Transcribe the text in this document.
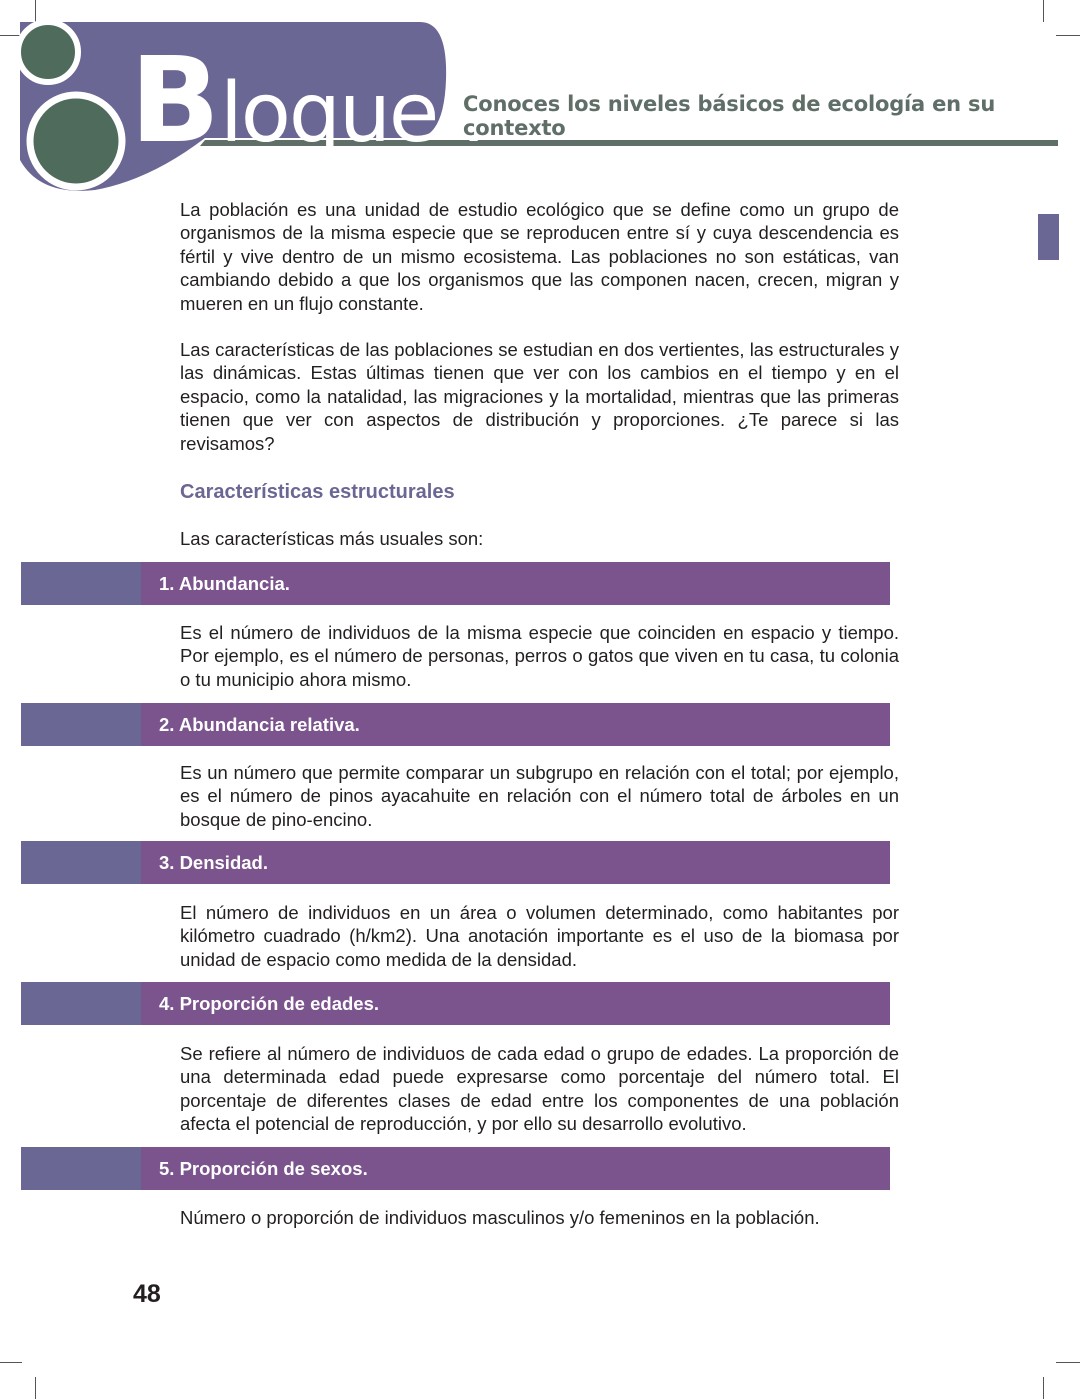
Bloque I
Conoces los niveles básicos de ecología en su contexto

La población es una unidad de estudio ecológico que se define como un grupo de organismos de la misma especie que se reproducen entre sí y cuya descendencia es fértil y vive dentro de un mismo ecosistema. Las poblaciones no son estáticas, van cambiando debido a que los organismos que las componen nacen, crecen, migran y mueren en un flujo constante.

Las características de las poblaciones se estudian en dos vertientes, las estructurales y las dinámicas. Estas últimas tienen que ver con los cambios en el tiempo y en el espacio, como la natalidad, las migraciones y la mortalidad, mientras que las primeras tienen que ver con aspectos de distribución y proporciones. ¿Te parece si las revisamos?

Características estructurales

Las características más usuales son:

1. Abundancia.

Es el número de individuos de la misma especie que coinciden en espacio y tiempo. Por ejemplo, es el número de personas, perros o gatos que viven en tu casa, tu colonia o tu municipio ahora mismo.

2. Abundancia relativa.

Es un número que permite comparar un subgrupo en relación con el total; por ejemplo, es el número de pinos ayacahuite en relación con el número total de árboles en un bosque de pino-encino.

3. Densidad.

El número de individuos en un área o volumen determinado, como habitantes por kilómetro cuadrado (h/km2). Una anotación importante es el uso de la biomasa por unidad de espacio como medida de la densidad.

4. Proporción de edades.

Se refiere al número de individuos de cada edad o grupo de edades. La proporción de una determinada edad puede expresarse como porcentaje del número total. El porcentaje de diferentes clases de edad entre los componentes de una población afecta el potencial de reproducción, y por ello su desarrollo evolutivo.

5. Proporción de sexos.

Número o proporción de individuos masculinos y/o femeninos en la población.

48
